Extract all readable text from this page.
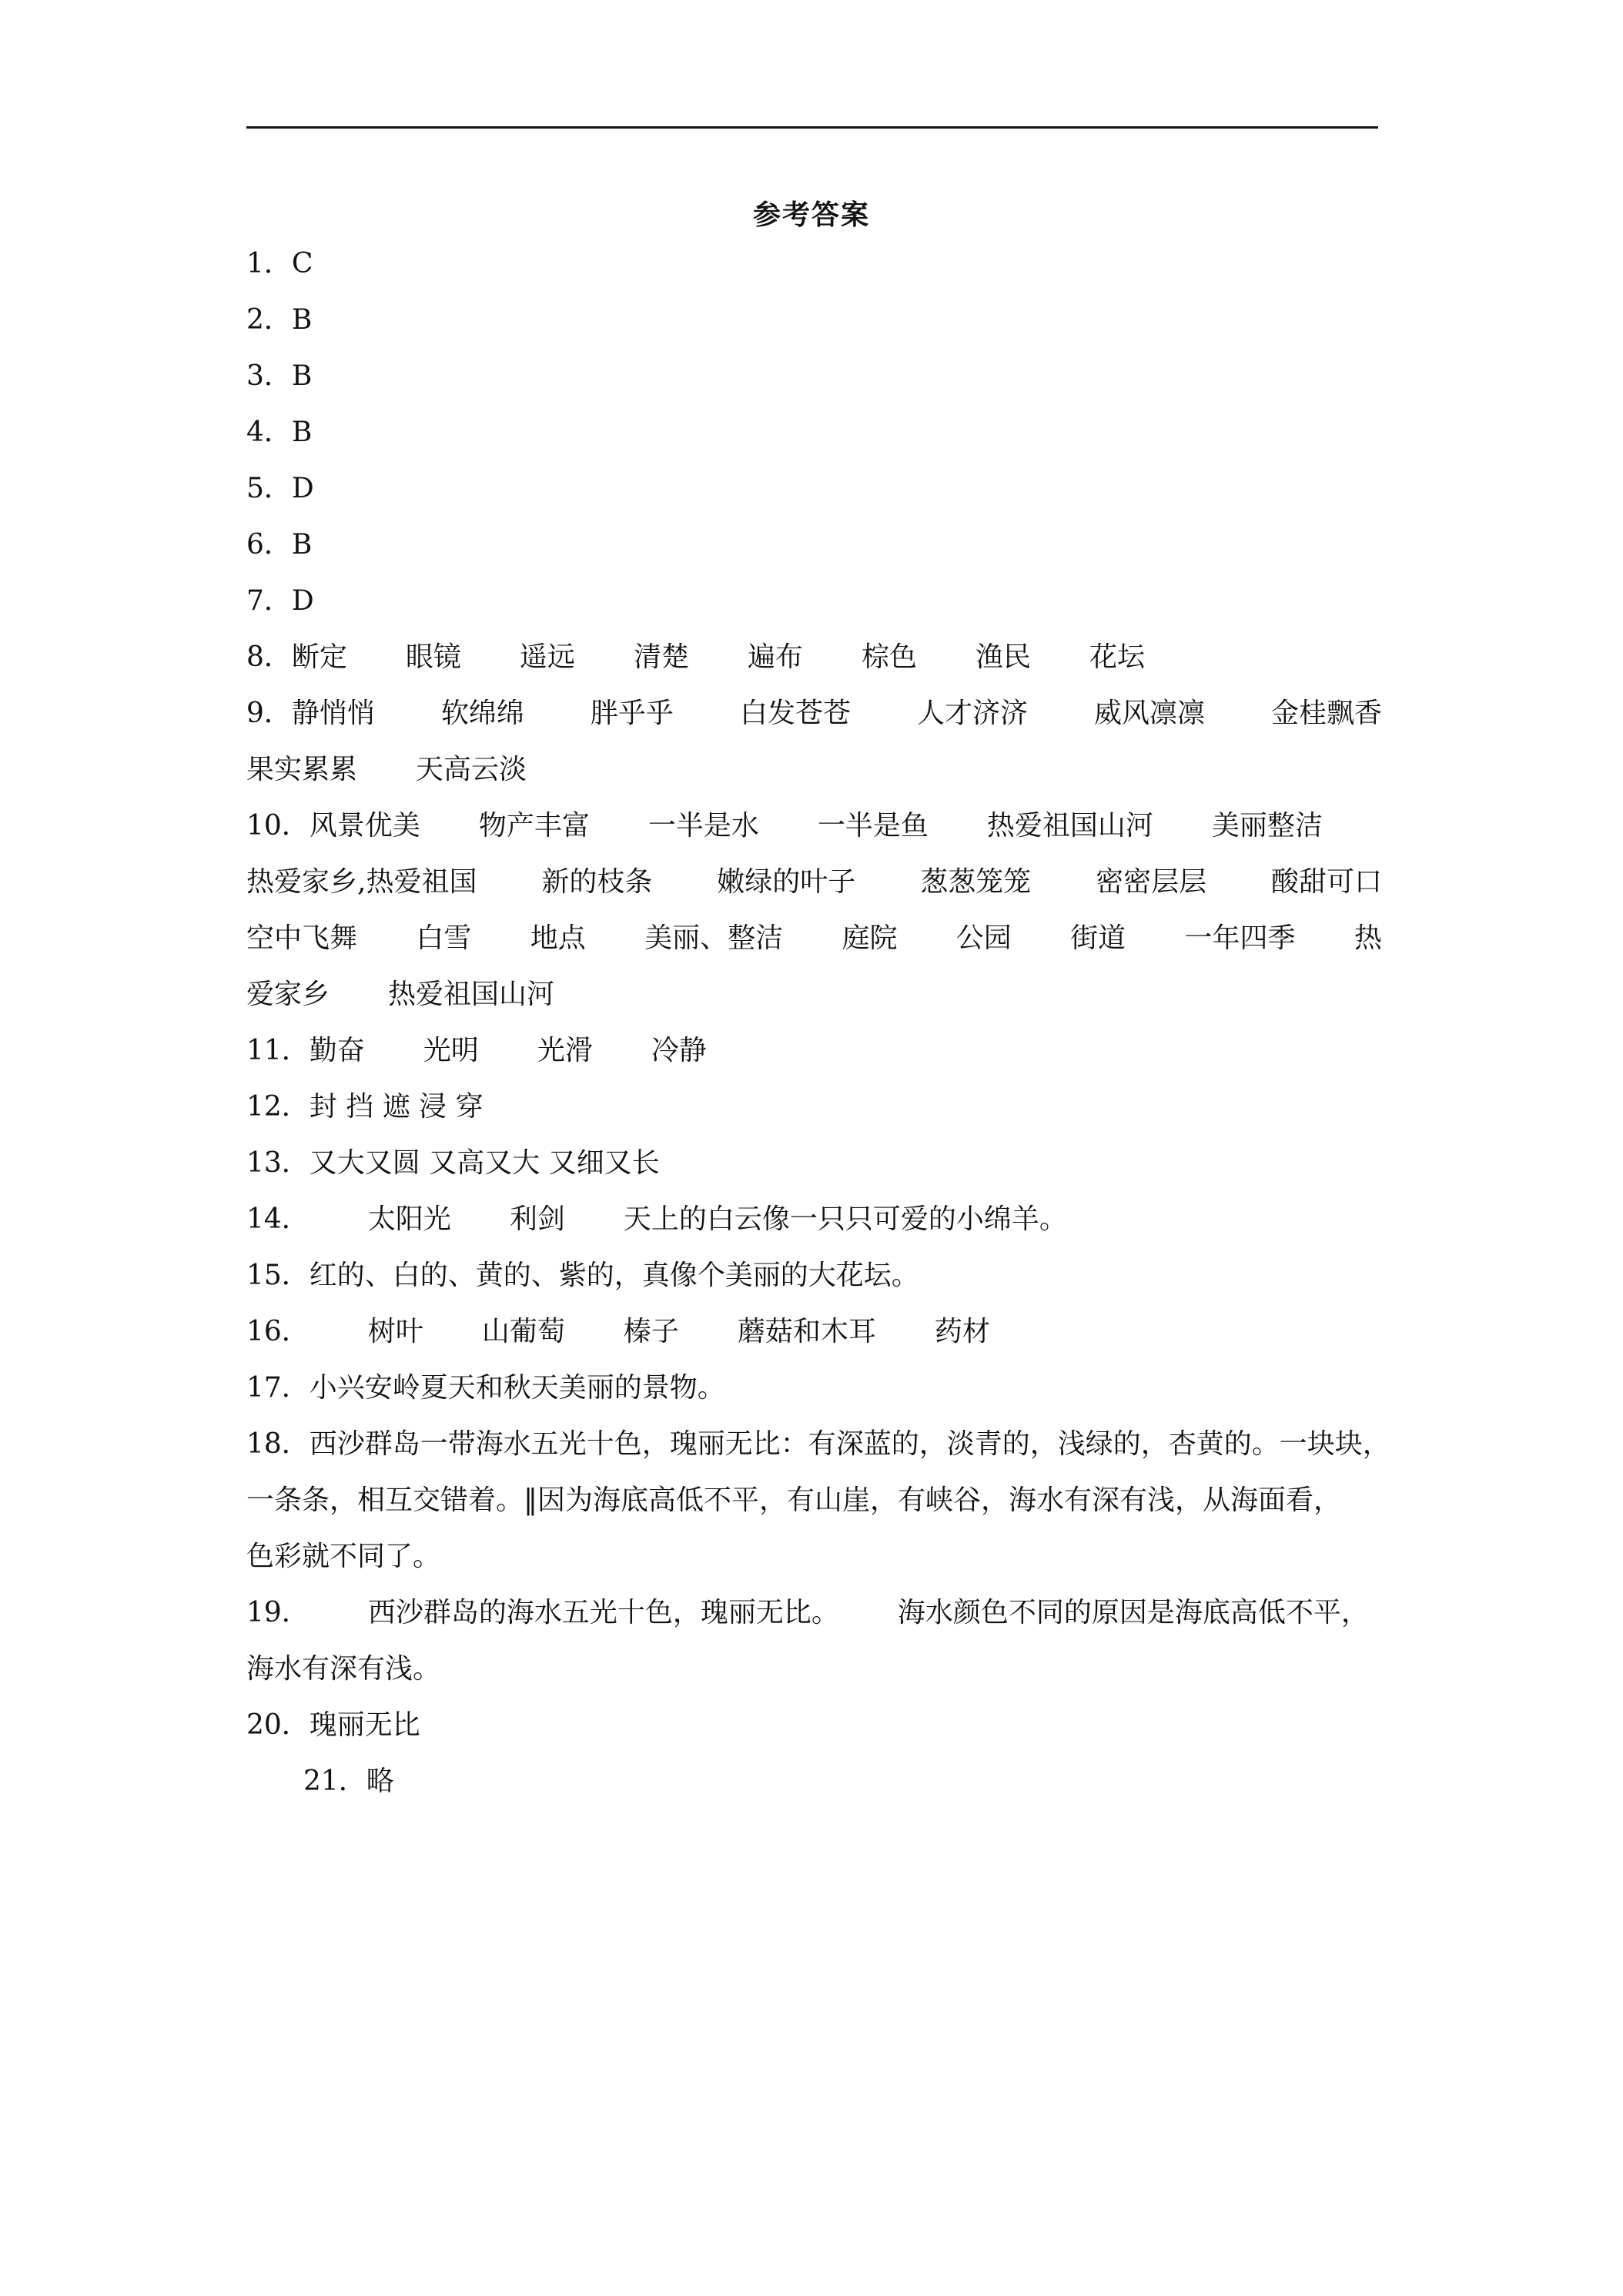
参考答案
1．C
2．B
3．B
4．B
5．D
6．B
7．D
8．断定 眼镜 遥远 清楚 遍布 棕色 渔民 花坛
9．静悄悄 软绵绵 胖乎乎 白发苍苍 人才济济 威风凛凛 金桂飘香
果实累累 天高云淡
10．风景优美 物产丰富 一半是水 一半是鱼 热爱祖国山河 美丽整洁
热爱家乡,热爱祖国 新的枝条 嫩绿的叶子 葱葱笼笼 密密层层 酸甜可口
空中飞舞 白雪 地点 美丽、整洁 庭院 公园 街道 一年四季 热
爱家乡 热爱祖国山河
11．勤奋 光明 光滑 冷静
12．封 挡 遮 浸 穿
13．又大又圆 又高又大 又细又长
14． 太阳光 利剑 天上的白云像一只只可爱的小绵羊。
15．红的、白的、黄的、紫的，真像个美丽的大花坛。
16． 树叶 山葡萄 榛子 蘑菇和木耳 药材
17．小兴安岭夏天和秋天美丽的景物。
18．西沙群岛一带海水五光十色，瑰丽无比：有深蓝的，淡青的，浅绿的，杏黄的。一块块，
一条条，相互交错着。‖因为海底高低不平，有山崖，有峡谷，海水有深有浅，从海面看，
色彩就不同了。
19． 西沙群岛的海水五光十色，瑰丽无比。 海水颜色不同的原因是海底高低不平，
海水有深有浅。
20．瑰丽无比
21．略
